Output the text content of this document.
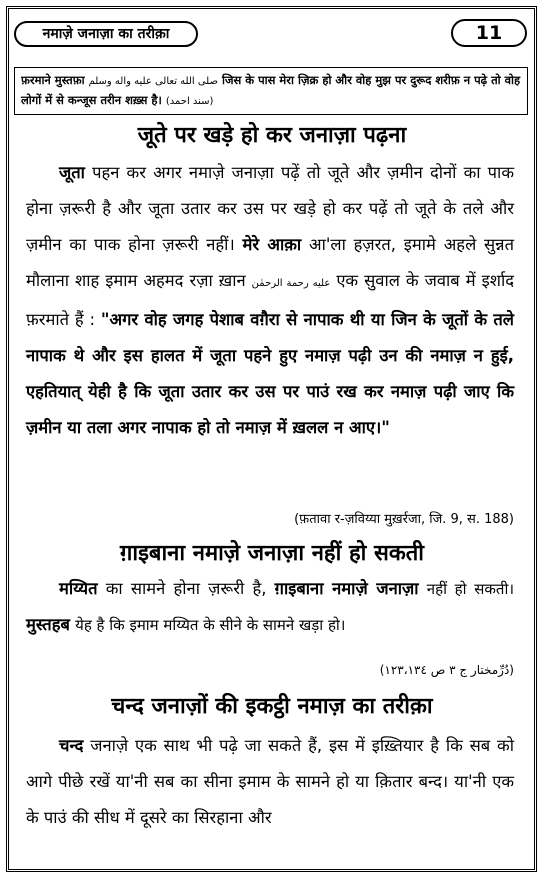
नमाज़े जनाज़ा का तरीक़ा	11
फ़रमाने मुस्तफ़ा صلى الله تعالى عليه واله وسلم जिस के पास मेरा ज़िक्र हो और वोह मुझ पर दुरूद शरीफ़ न पढ़े तो वोह
लोगों में से कन्जूस तरीन शख़्स है। (سند احمد)
जूते पर खड़े हो कर जनाज़ा पढ़ना
  जूता पहन कर अगर नमाज़े जनाज़ा पढ़ें तो जूते और ज़मीन दोनों का पाक होना ज़रूरी है और जूता उतार कर उस पर खड़े हो कर पढ़ें तो जूते के तले और ज़मीन का पाक होना ज़रूरी नहीं। मेरे आक़ा आ'ला हज़रत, इमामे अहले सुन्नत मौलाना शाह इमाम अहमद रज़ा ख़ान عليه رحمة الرحمٰن एक सुवाल के जवाब में इर्शाद फ़रमाते हैं : "अगर वोह जगह पेशाब वग़ैरा से नापाक थी या जिन के जूतों के तले नापाक थे और इस हालत में जूता पहने हुए नमाज़ पढ़ी उन की नमाज़ न हुई, एहतियात् येही है कि जूता उतार कर उस पर पाउं रख कर नमाज़ पढ़ी जाए कि ज़मीन या तला अगर नापाक हो तो नमाज़ में ख़लल न आए।"
(फ़तावा र-ज़विय्या मुख़र्रजा, जि. 9, स. 188)
ग़ाइबाना नमाज़े जनाज़ा नहीं हो सकती
  मय्यित का सामने होना ज़रूरी है, ग़ाइबाना नमाज़े जनाज़ा नहीं हो सकती। मुस्तहब येह है कि इमाम मय्यित के सीने के सामने खड़ा हो।
(دُرِّمختار ج ٣ ص ١٢٣،١٣٤)
चन्द जनाज़ों की इकट्ठी नमाज़ का तरीक़ा
  चन्द जनाज़े एक साथ भी पढ़े जा सकते हैं, इस में इख़्तियार है कि सब को आगे पीछे रखें या'नी सब का सीना इमाम के सामने हो या क़ितार बन्द। या'नी एक के पाउं की सीध में दूसरे का सिरहाना और
